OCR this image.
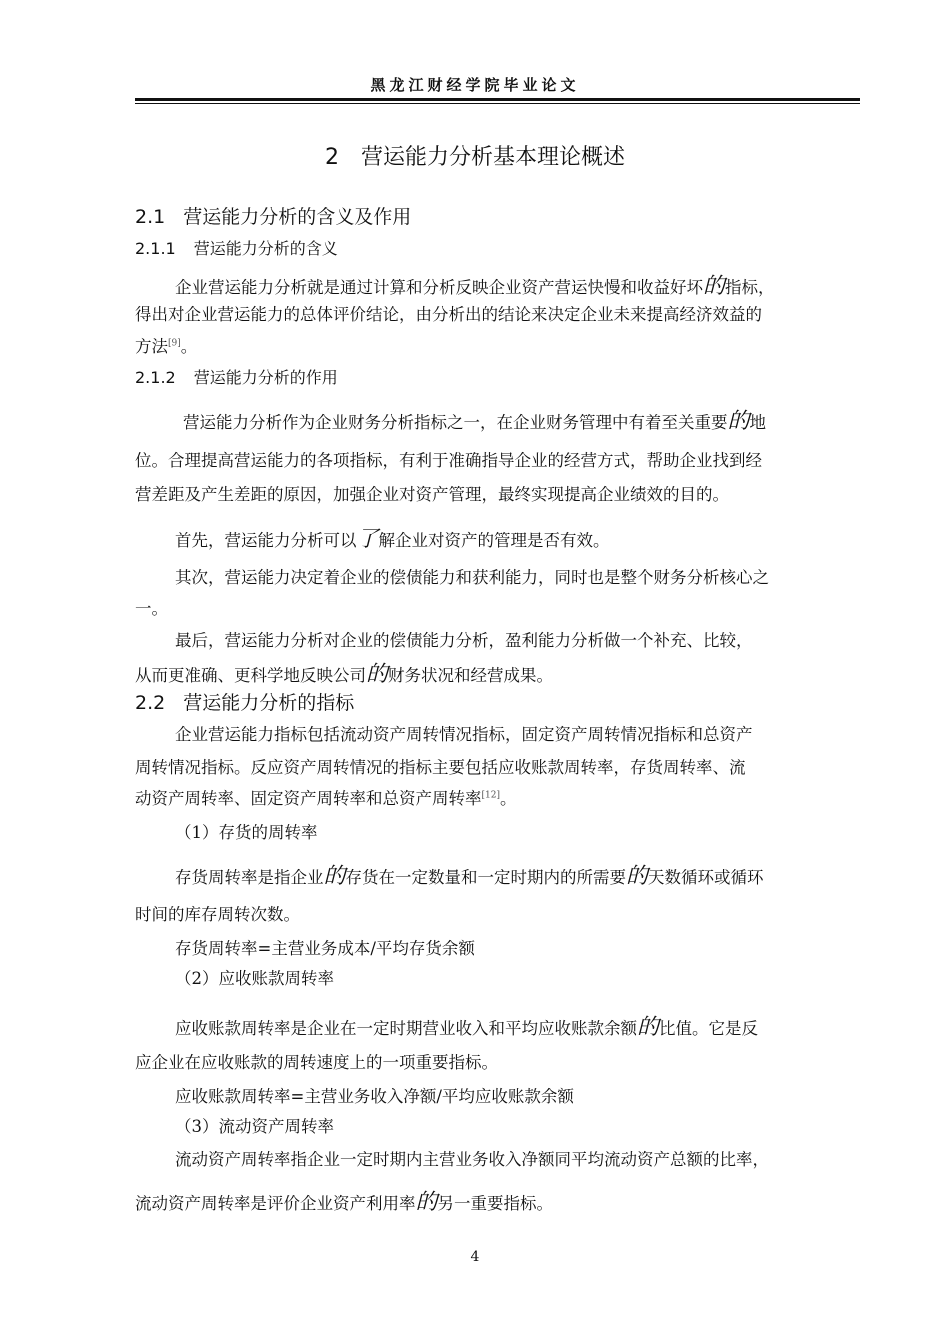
黑龙江财经学院毕业论文
2　营运能力分析基本理论概述
2.1 营运能力分析的含义及作用
2.1.1 营运能力分析的含义
企业营运能力分析就是通过计算和分析反映企业资产营运快慢和收益好坏的指标，
得出对企业营运能力的总体评价结论，由分析出的结论来决定企业未来提高经济效益的
方法[9]。
2.1.2 营运能力分析的作用
营运能力分析作为企业财务分析指标之一，在企业财务管理中有着至关重要的地
位。合理提高营运能力的各项指标，有利于准确指导企业的经营方式，帮助企业找到经
营差距及产生差距的原因，加强企业对资产管理，最终实现提高企业绩效的目的。
首先，营运能力分析可以了解企业对资产的管理是否有效。
其次，营运能力决定着企业的偿债能力和获利能力，同时也是整个财务分析核心之
一。
最后，营运能力分析对企业的偿债能力分析，盈利能力分析做一个补充、比较，
从而更准确、更科学地反映公司的财务状况和经营成果。
2.2 营运能力分析的指标
企业营运能力指标包括流动资产周转情况指标，固定资产周转情况指标和总资产
周转情况指标。反应资产周转情况的指标主要包括应收账款周转率，存货周转率、流
动资产周转率、固定资产周转率和总资产周转率[12]。
（1）存货的周转率
存货周转率是指企业的存货在一定数量和一定时期内的所需要的天数循环或循环
时间的库存周转次数。
存货周转率=主营业务成本/平均存货余额
（2）应收账款周转率
应收账款周转率是企业在一定时期营业收入和平均应收账款余额的比值。它是反
应企业在应收账款的周转速度上的一项重要指标。
应收账款周转率=主营业务收入净额/平均应收账款余额
（3）流动资产周转率
流动资产周转率指企业一定时期内主营业务收入净额同平均流动资产总额的比率，
流动资产周转率是评价企业资产利用率的另一重要指标。
4
